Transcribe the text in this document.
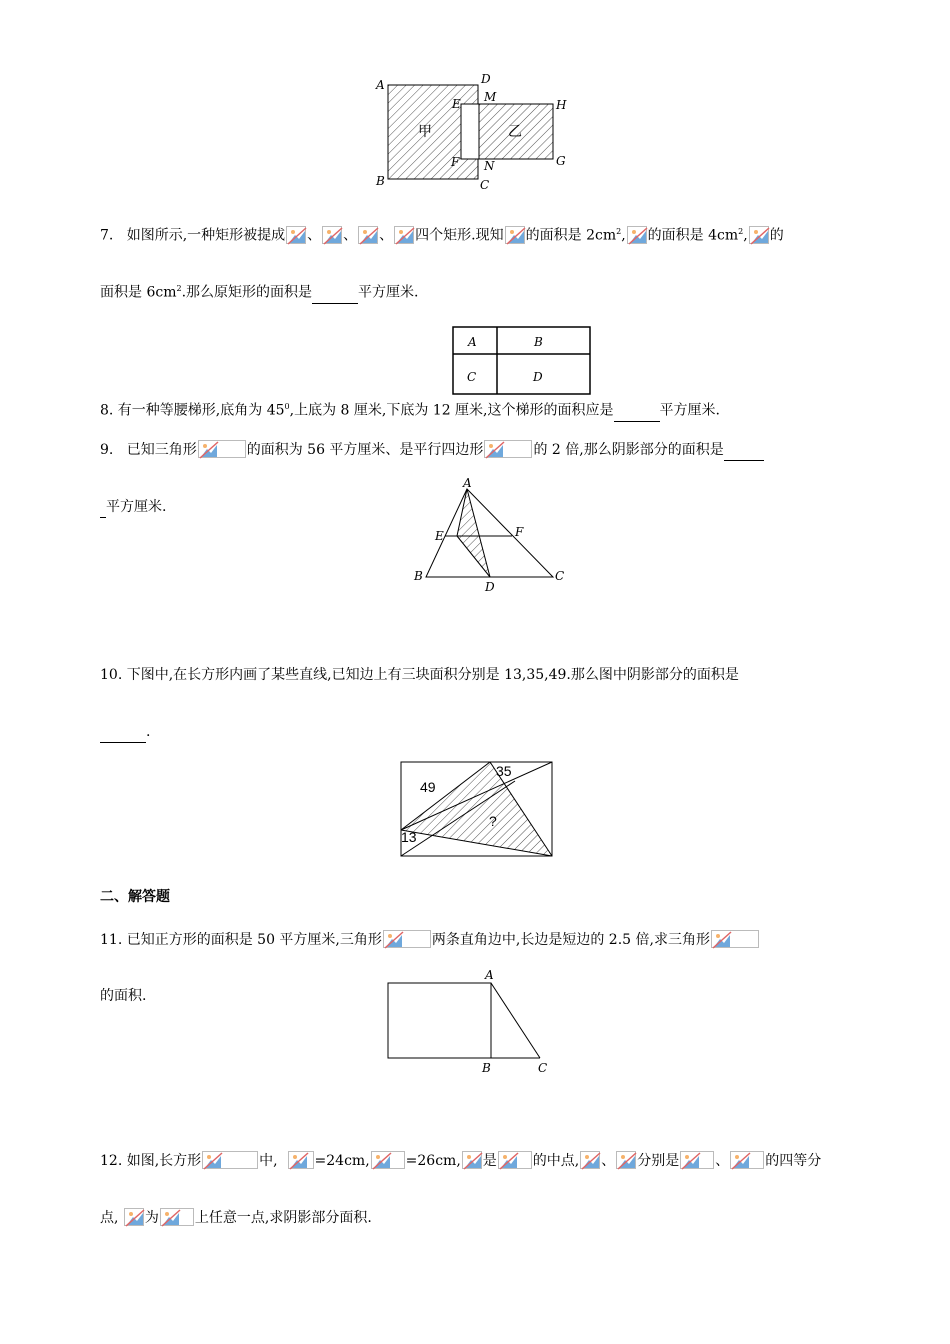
甲	乙
A	D
M
H
E
F N	G
B	C
7. 如图所示,一种矩形被提成 、 、 、 四个矩形.现知 的面积是 $2cm^2$, 的面积是 $4cm^2$, 的
面积是 $6cm^2$.那么原矩形的面积是	平方厘米.
A	B
C	D
8. 有一种等腰梯形,底角为 $45^0$,上底为 8 厘米,下底为 12 厘米,这个梯形的面积应是	平方厘米.
9. 已知三角形	的面积为 56 平方厘米、是平行四边形	的 2 倍,那么阴影部分的面积是
平方厘米.
A
E	F
B
D
C
10. 下图中,在长方形内画了某些直线,已知边上有三块面积分别是 13,35,49.那么图中阴影部分的面积是
.
49
35
13
?
二、解答题
11. 已知正方形的面积是 50 平方厘米,三角形	两条直角边中,长边是短边的 2.5 倍,求三角形
的面积.
A
B	C
12. 如图,长方形	中,	=24cm,	=26cm, 是	的中点, 、 分别是	、	的四等分
点, 为	上任意一点,求阴影部分面积.
